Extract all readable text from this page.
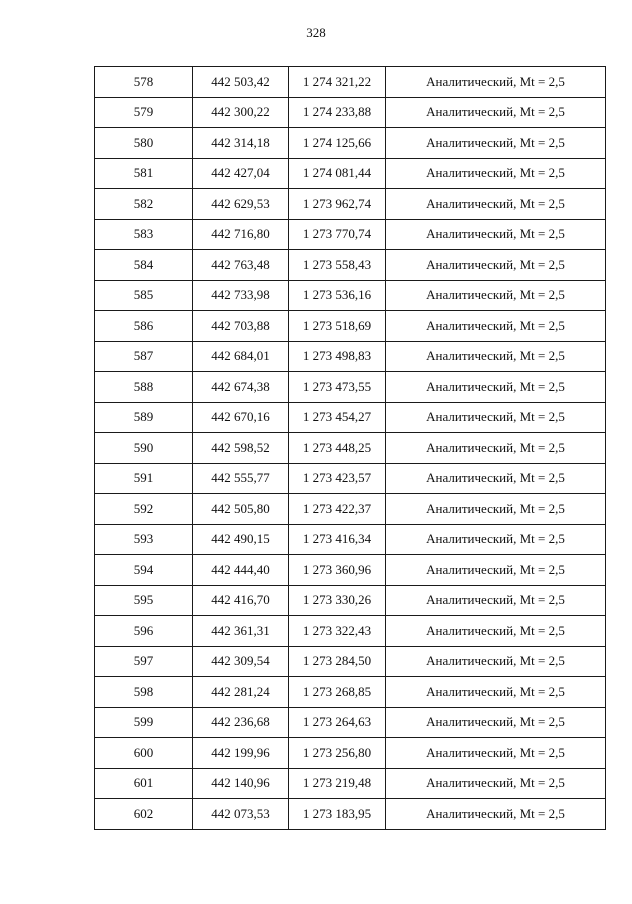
328
578	442 503,42	1 274 321,22	Аналитический, Mt = 2,5
579	442 300,22	1 274 233,88	Аналитический, Mt = 2,5
580	442 314,18	1 274 125,66	Аналитический, Mt = 2,5
581	442 427,04	1 274 081,44	Аналитический, Mt = 2,5
582	442 629,53	1 273 962,74	Аналитический, Mt = 2,5
583	442 716,80	1 273 770,74	Аналитический, Mt = 2,5
584	442 763,48	1 273 558,43	Аналитический, Mt = 2,5
585	442 733,98	1 273 536,16	Аналитический, Mt = 2,5
586	442 703,88	1 273 518,69	Аналитический, Mt = 2,5
587	442 684,01	1 273 498,83	Аналитический, Mt = 2,5
588	442 674,38	1 273 473,55	Аналитический, Mt = 2,5
589	442 670,16	1 273 454,27	Аналитический, Mt = 2,5
590	442 598,52	1 273 448,25	Аналитический, Mt = 2,5
591	442 555,77	1 273 423,57	Аналитический, Mt = 2,5
592	442 505,80	1 273 422,37	Аналитический, Mt = 2,5
593	442 490,15	1 273 416,34	Аналитический, Mt = 2,5
594	442 444,40	1 273 360,96	Аналитический, Mt = 2,5
595	442 416,70	1 273 330,26	Аналитический, Mt = 2,5
596	442 361,31	1 273 322,43	Аналитический, Mt = 2,5
597	442 309,54	1 273 284,50	Аналитический, Mt = 2,5
598	442 281,24	1 273 268,85	Аналитический, Mt = 2,5
599	442 236,68	1 273 264,63	Аналитический, Mt = 2,5
600	442 199,96	1 273 256,80	Аналитический, Mt = 2,5
601	442 140,96	1 273 219,48	Аналитический, Mt = 2,5
602	442 073,53	1 273 183,95	Аналитический, Mt = 2,5
